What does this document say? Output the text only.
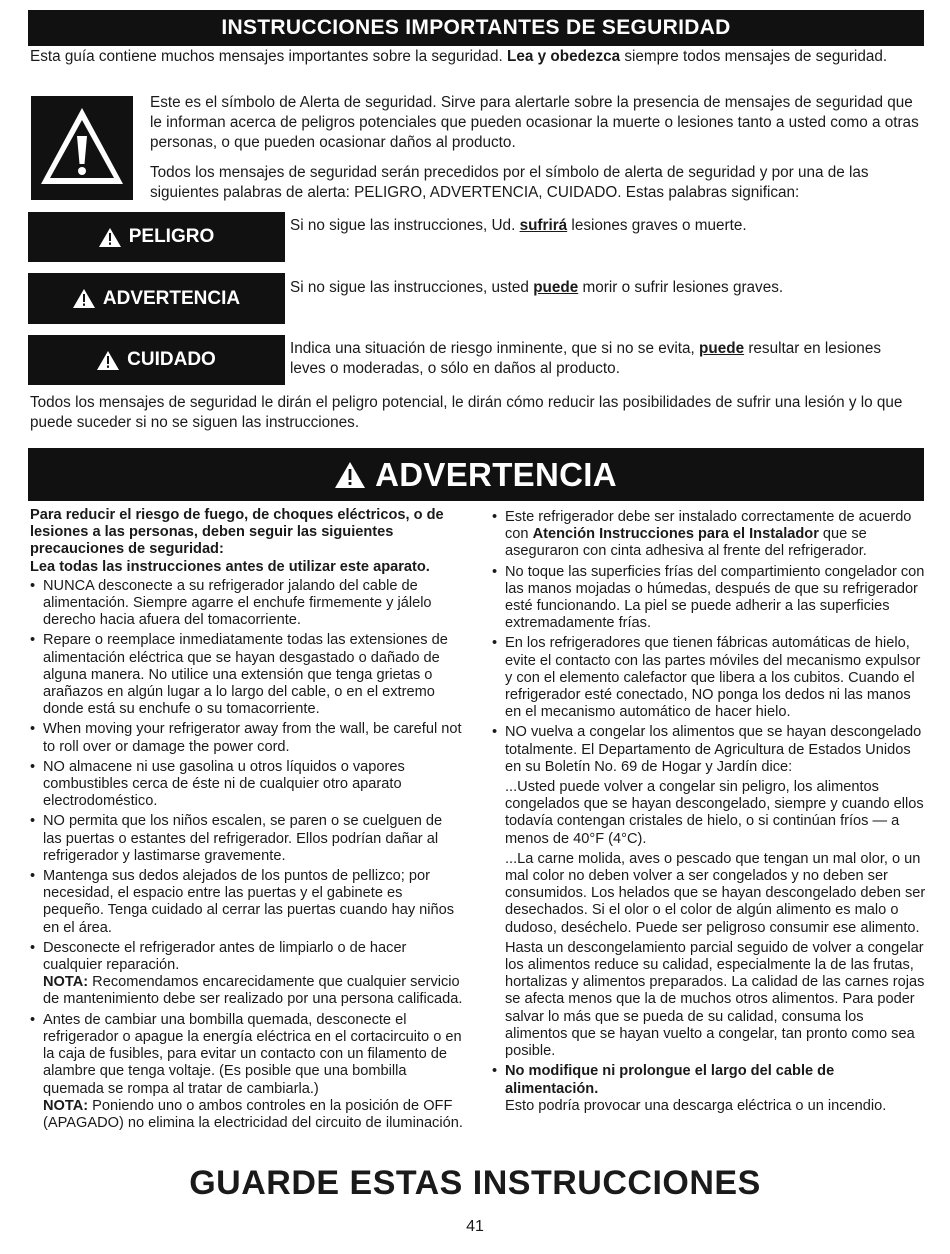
INSTRUCCIONES IMPORTANTES DE SEGURIDAD

Esta guía contiene muchos mensajes importantes sobre la seguridad. Lea y obedezca siempre todos mensajes de seguridad.

Este es el símbolo de Alerta de seguridad. Sirve para alertarle sobre la presencia de mensajes de seguridad que le informan acerca de peligros potenciales que pueden ocasionar la muerte o lesiones tanto a usted como a otras personas, o que pueden ocasionar daños al producto.

Todos los mensajes de seguridad serán precedidos por el símbolo de alerta de seguridad y por una de las siguientes palabras de alerta: PELIGRO, ADVERTENCIA, CUIDADO. Estas palabras significan:

PELIGRO

Si no sigue las instrucciones, Ud. sufrirá lesiones graves o muerte.

ADVERTENCIA	Si no sigue las instrucciones, usted puede morir o sufrir lesiones graves.

CUIDADO

Indica una situación de riesgo inminente, que si no se evita, puede resultar en lesiones leves o moderadas, o sólo en daños al producto.

Todos los mensajes de seguridad le dirán el peligro potencial, le dirán cómo reducir las posibilidades de sufrir una lesión y lo que puede suceder si no se siguen las instrucciones.

ADVERTENCIA

Para reducir el riesgo de fuego, de choques eléctricos, o de lesiones a las personas, deben seguir las siguientes precauciones de seguridad:

Lea todas las instrucciones antes de utilizar este aparato.

• NUNCA desconecte a su refrigerador jalando del cable de alimentación. Siempre agarre el enchufe firmemente y jálelo derecho hacia afuera del tomacorriente.
• Repare o reemplace inmediatamente todas las extensiones de alimentación eléctrica que se hayan desgastado o dañado de alguna manera. No utilice una extensión que tenga grietas o arañazos en algún lugar a lo largo del cable, o en el extremo donde está su enchufe o su tomacorriente.
• When moving your refrigerator away from the wall, be careful not to roll over or damage the power cord.
• NO almacene ni use gasolina u otros líquidos o vapores combustibles cerca de éste ni de cualquier otro aparato electrodoméstico.
• NO permita que los niños escalen, se paren o se cuelguen de las puertas o estantes del refrigerador. Ellos podrían dañar al refrigerador y lastimarse gravemente.
• Mantenga sus dedos alejados de los puntos de pellizco; por necesidad, el espacio entre las puertas y el gabinete es pequeño. Tenga cuidado al cerrar las puertas cuando hay niños en el área.
• Desconecte el refrigerador antes de limpiarlo o de hacer cualquier reparación.
NOTA: Recomendamos encarecidamente que cualquier servicio de mantenimiento debe ser realizado por una persona calificada.
• Antes de cambiar una bombilla quemada, desconecte el refrigerador o apague la energía eléctrica en el cortacircuito o en la caja de fusibles, para evitar un contacto con un filamento de alambre que tenga voltaje. (Es posible que una bombilla quemada se rompa al tratar de cambiarla.)
NOTA: Poniendo uno o ambos controles en la posición de OFF (APAGADO) no elimina la electricidad del circuito de iluminación.
• Este refrigerador debe ser instalado correctamente de acuerdo con Atención Instrucciones para el Instalador que se aseguraron con cinta adhesiva al frente del refrigerador.
• No toque las superficies frías del compartimiento congelador con las manos mojadas o húmedas, después de que su refrigerador esté funcionando. La piel se puede adherir a las superficies extremadamente frías.
• En los refrigeradores que tienen fábricas automáticas de hielo, evite el contacto con las partes móviles del mecanismo expulsor y con el elemento calefactor que libera a los cubitos. Cuando el refrigerador esté conectado, NO ponga los dedos ni las manos en el mecanismo automático de hacer hielo.
• NO vuelva a congelar los alimentos que se hayan descongelado totalmente. El Departamento de Agricultura de Estados Unidos en su Boletín No. 69 de Hogar y Jardín dice:

...Usted puede volver a congelar sin peligro, los alimentos congelados que se hayan descongelado, siempre y cuando ellos todavía contengan cristales de hielo, o si continúan fríos — a menos de 40°F (4°C).

...La carne molida, aves o pescado que tengan un mal olor, o un mal color no deben volver a ser congelados y no deben ser consumidos. Los helados que se hayan descongelado deben ser desechados. Si el olor o el color de algún alimento es malo o dudoso, deséchelo. Puede ser peligroso consumir ese alimento.

Hasta un descongelamiento parcial seguido de volver a congelar los alimentos reduce su calidad, especialmente la de las frutas, hortalizas y alimentos preparados. La calidad de las carnes rojas se afecta menos que la de muchos otros alimentos. Para poder salvar lo más que se pueda de su calidad, consuma los alimentos que se hayan vuelto a congelar, tan pronto como sea posible.

• No modifique ni prolongue el largo del cable de alimentación.
Esto podría provocar una descarga eléctrica o un incendio.
GUARDE ESTAS INSTRUCCIONES
41
